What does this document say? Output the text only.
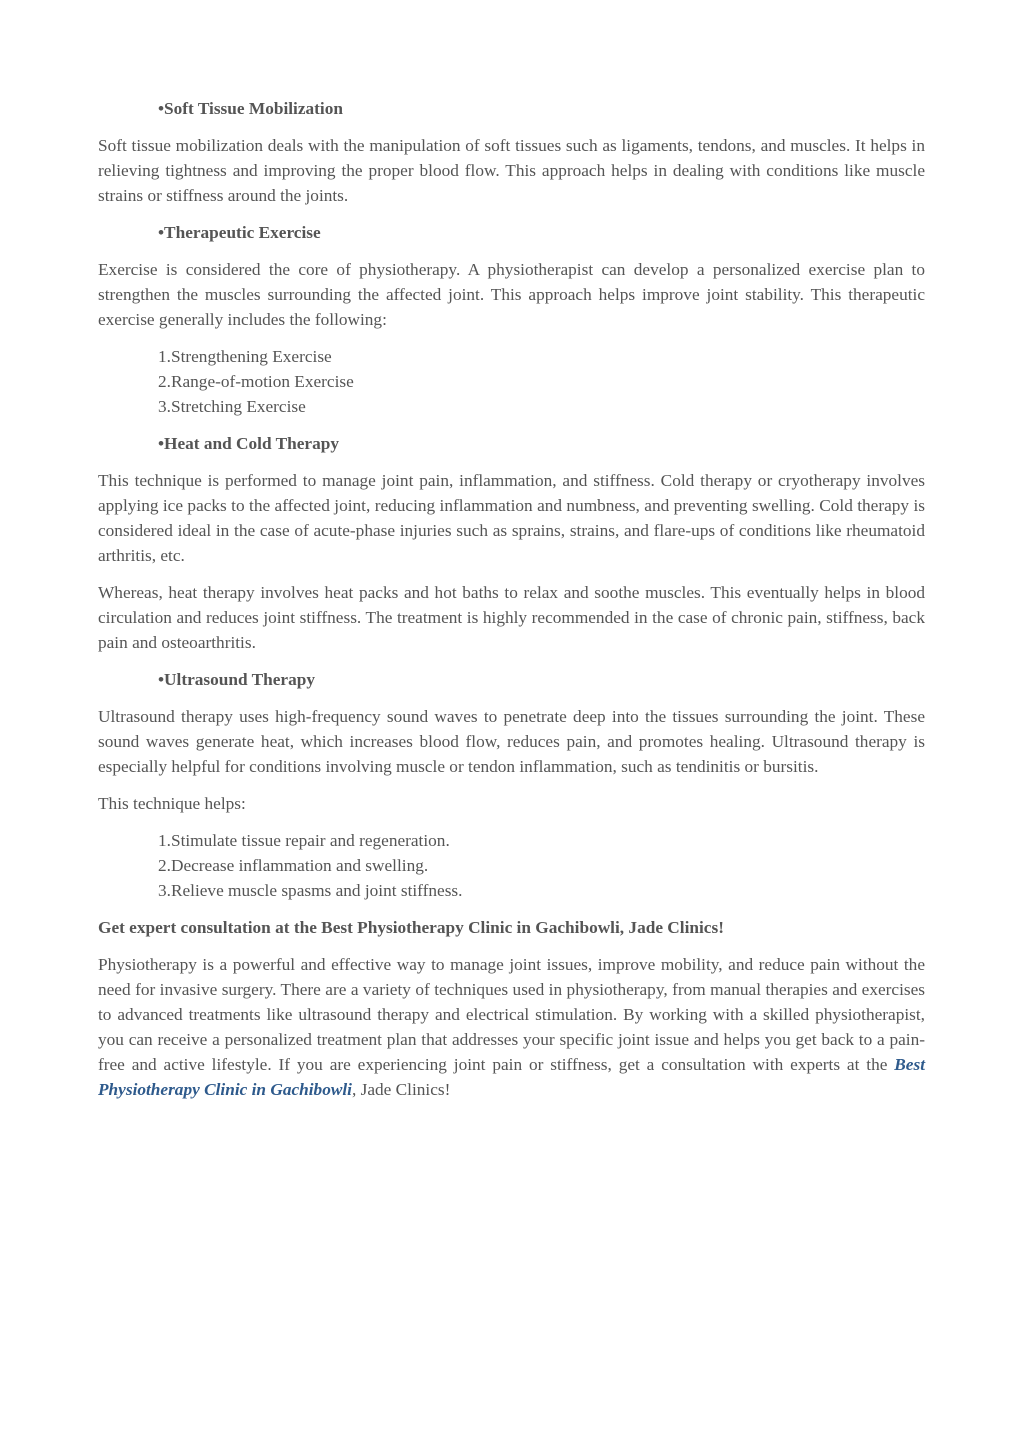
•Soft Tissue Mobilization

Soft tissue mobilization deals with the manipulation of soft tissues such as ligaments, tendons, and muscles. It helps in relieving tightness and improving the proper blood flow. This approach helps in dealing with conditions like muscle strains or stiffness around the joints.

•Therapeutic Exercise

Exercise is considered the core of physiotherapy. A physiotherapist can develop a personalized exercise plan to strengthen the muscles surrounding the affected joint. This approach helps improve joint stability. This therapeutic exercise generally includes the following:

1.Strengthening Exercise
2.Range-of-motion Exercise
3.Stretching Exercise

•Heat and Cold Therapy

This technique is performed to manage joint pain, inflammation, and stiffness. Cold therapy or cryotherapy involves applying ice packs to the affected joint, reducing inflammation and numbness, and preventing swelling. Cold therapy is considered ideal in the case of acute-phase injuries such as sprains, strains, and flare-ups of conditions like rheumatoid arthritis, etc.

Whereas, heat therapy involves heat packs and hot baths to relax and soothe muscles. This eventually helps in blood circulation and reduces joint stiffness. The treatment is highly recommended in the case of chronic pain, stiffness, back pain and osteoarthritis.

•Ultrasound Therapy

Ultrasound therapy uses high-frequency sound waves to penetrate deep into the tissues surrounding the joint. These sound waves generate heat, which increases blood flow, reduces pain, and promotes healing. Ultrasound therapy is especially helpful for conditions involving muscle or tendon inflammation, such as tendinitis or bursitis.

This technique helps:

1.Stimulate tissue repair and regeneration.
2.Decrease inflammation and swelling.
3.Relieve muscle spasms and joint stiffness.

Get expert consultation at the Best Physiotherapy Clinic in Gachibowli, Jade Clinics!

Physiotherapy is a powerful and effective way to manage joint issues, improve mobility, and reduce pain without the need for invasive surgery. There are a variety of techniques used in physiotherapy, from manual therapies and exercises to advanced treatments like ultrasound therapy and electrical stimulation. By working with a skilled physiotherapist, you can receive a personalized treatment plan that addresses your specific joint issue and helps you get back to a pain-free and active lifestyle. If you are experiencing joint pain or stiffness, get a consultation with experts at the Best Physiotherapy Clinic in Gachibowli, Jade Clinics!
